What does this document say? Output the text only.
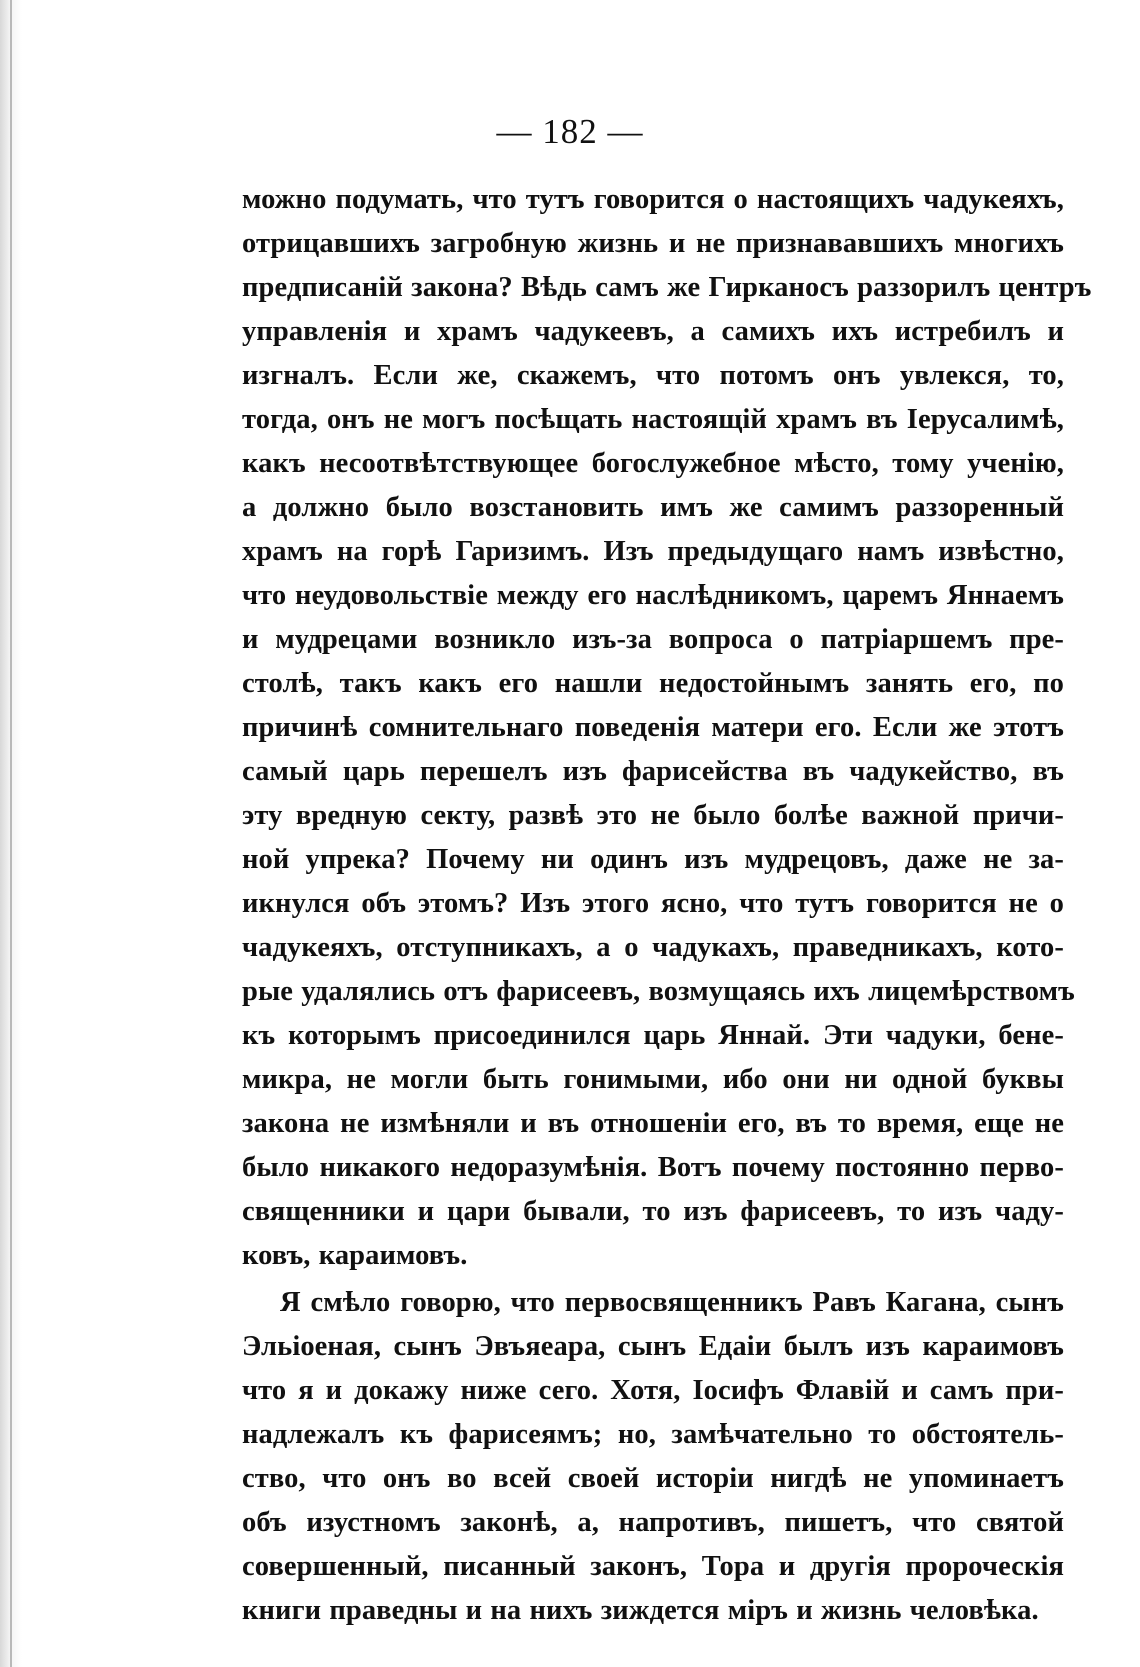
— 182 —
можно подумать, что тутъ говорится о настоящихъ чадукеяхъ,
отрицавшихъ загробную жизнь и не признававшихъ многихъ
предписаній закона? Вѣдь самъ же Гирканосъ раззорилъ центръ
управленія и храмъ чадукеевъ, а самихъ ихъ истребилъ и
изгналъ. Если же, скажемъ, что потомъ онъ увлекся, то,
тогда, онъ не могъ посѣщать настоящій храмъ въ Іерусалимѣ,
какъ несоотвѣтствующее богослужебное мѣсто, тому ученію,
а должно было возстановить имъ же самимъ раззоренный
храмъ на горѣ Гаризимъ. Изъ предыдущаго намъ извѣстно,
что неудовольствіе между его наслѣдникомъ, царемъ Яннаемъ
и мудрецами возникло изъ-за вопроса о патріаршемъ пре-
столѣ, такъ какъ его нашли недостойнымъ занять его, по
причинѣ сомнительнаго поведенія матери его. Если же этотъ
самый царь перешелъ изъ фарисейства въ чадукейство, въ
эту вредную секту, развѣ это не было болѣе важной причи-
ной упрека? Почему ни одинъ изъ мудрецовъ, даже не за-
икнулся объ этомъ? Изъ этого ясно, что тутъ говорится не о
чадукеяхъ, отступникахъ, а о чадукахъ, праведникахъ, кото-
рые удалялись отъ фарисеевъ, возмущаясь ихъ лицемѣрствомъ
къ которымъ присоединился царь Яннай. Эти чадуки, бене-
микра, не могли быть гонимыми, ибо они ни одной буквы
закона не измѣняли и въ отношеніи его, въ то время, еще не
было никакого недоразумѣнія. Вотъ почему постоянно перво-
священники и цари бывали, то изъ фарисеевъ, то изъ чаду-
ковъ, караимовъ.
Я смѣло говорю, что первосвященникъ Равъ Кагана, сынъ
Эльіоеная, сынъ Эвъяеара, сынъ Едаіи былъ изъ караимовъ
что я и докажу ниже сего. Хотя, Іосифъ Флавій и самъ при-
надлежалъ къ фарисеямъ; но, замѣчательно то обстоятель-
ство, что онъ во всей своей исторіи нигдѣ не упоминаетъ
объ изустномъ законѣ, а, напротивъ, пишетъ, что святой
совершенный, писанный законъ, Тора и другія пророческія
книги праведны и на нихъ зиждется міръ и жизнь человѣка.
